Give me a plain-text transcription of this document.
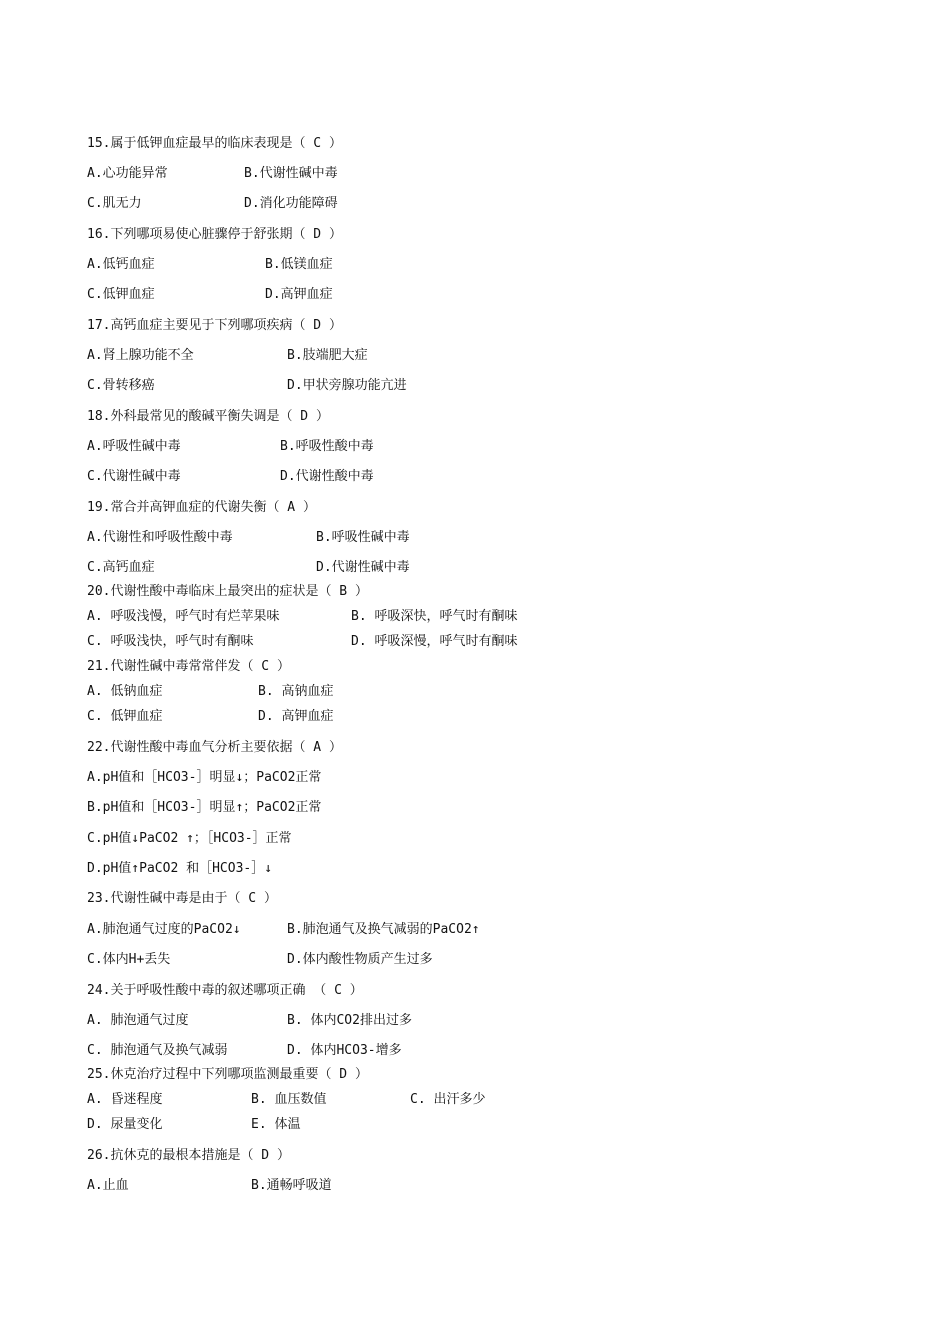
15.属于低钾血症最早的临床表现是（ C ）
A.心功能异常	B.代谢性碱中毒
C.肌无力	D.消化功能障碍
16.下列哪项易使心脏骤停于舒张期（ D ）
A.低钙血症	B.低镁血症
C.低钾血症	D.高钾血症
17.高钙血症主要见于下列哪项疾病（ D ）
A.肾上腺功能不全	B.肢端肥大症
C.骨转移癌	D.甲状旁腺功能亢进
18.外科最常见的酸碱平衡失调是（ D ）
A.呼吸性碱中毒	B.呼吸性酸中毒
C.代谢性碱中毒	D.代谢性酸中毒
19.常合并高钾血症的代谢失衡（ A ）
A.代谢性和呼吸性酸中毒	B.呼吸性碱中毒
C.高钙血症	D.代谢性碱中毒
20.代谢性酸中毒临床上最突出的症状是（ B ）
A. 呼吸浅慢，呼气时有烂苹果味	B. 呼吸深快，呼气时有酮味
C. 呼吸浅快，呼气时有酮味	D. 呼吸深慢，呼气时有酮味
21.代谢性碱中毒常常伴发（ C ）
A. 低钠血症	B. 高钠血症
C. 低钾血症	D. 高钾血症
22.代谢性酸中毒血气分析主要依据（ A ）
A.pH值和［HCO3-］明显↓；PaCO2正常
B.pH值和［HCO3-］明显↑；PaCO2正常
C.pH值↓PaCO2 ↑；［HCO3-］正常
D.pH值↑PaCO2 和［HCO3-］↓
23.代谢性碱中毒是由于（ C ）
A.肺泡通气过度的PaCO2↓	B.肺泡通气及换气减弱的PaCO2↑
C.体内H+丢失	D.体内酸性物质产生过多
24.关于呼吸性酸中毒的叙述哪项正确 （ C ）
A. 肺泡通气过度	B. 体内CO2排出过多
C. 肺泡通气及换气减弱	D. 体内HCO3-增多
25.休克治疗过程中下列哪项监测最重要（ D ）
A. 昏迷程度	B. 血压数值	C. 出汗多少
D. 尿量变化	E. 体温
26.抗休克的最根本措施是（ D ）
A.止血	B.通畅呼吸道
